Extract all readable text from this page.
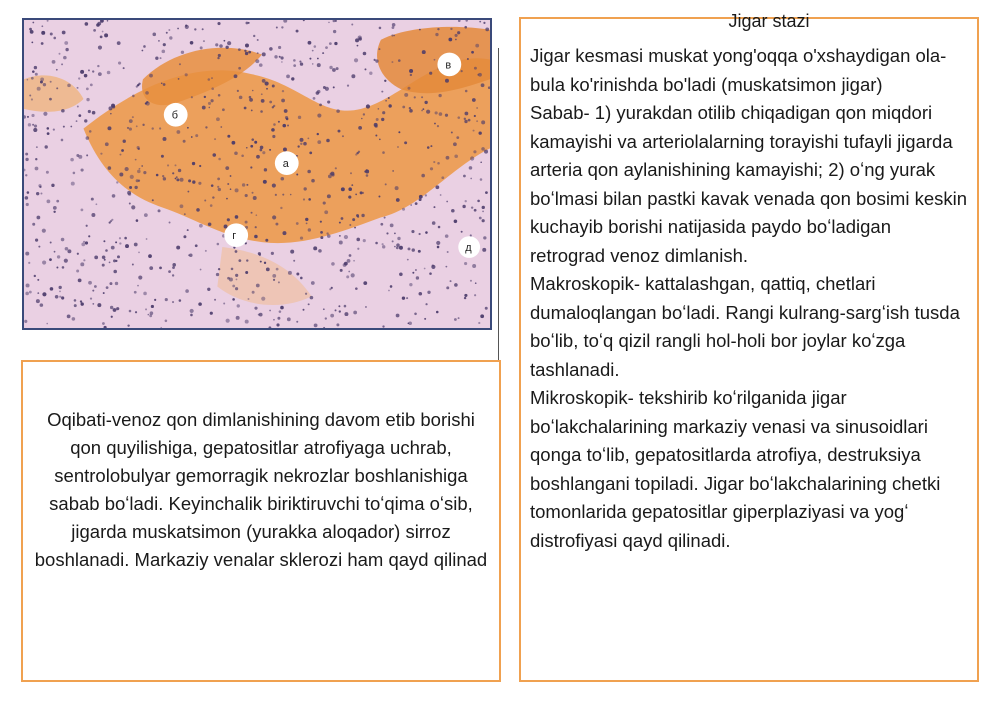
б
в
а
г
д
Oqibati-venoz qon dimlanishining davom etib borishi qon quyilishiga, gepatositlar atrofiyaga uchrab, sentrolobulyar gemorragik nekrozlar boshlanishiga sabab boʻladi. Keyinchalik biriktiruvchi toʻqima oʻsib, jigarda muskatsimon (yurakka aloqador) sirroz boshlanadi. Markaziy venalar sklerozi ham qayd qilinad
Jigar stazi

Jigar kesmasi muskat yong'oqqa o'xshaydigan ola-bula ko'rinishda bo'ladi (muskatsimon jigar)

Sabab- 1) yurakdan otilib chiqadigan qon miqdori kamayishi va arteriolalarning torayishi tufayli jigarda arteria qon aylanishining kamayishi; 2) oʻng yurak boʻlmasi bilan pastki kavak venada qon bosimi keskin kuchayib borishi natijasida paydo boʻladigan retrograd venoz dimlanish.

Makroskopik- kattalashgan, qattiq, chetlari dumaloqlangan boʻladi. Rangi kulrang-sargʻish tusda boʻlib, toʻq qizil rangli hol-holi bor joylar koʻzga tashlanadi.

Mikroskopik- tekshirib koʻrilganida jigar boʻlakchalarining markaziy venasi va sinusoidlari qonga toʻlib, gepatositlarda atrofiya, destruksiya boshlangani topiladi. Jigar boʻlakchalarining chetki tomonlarida gepatositlar giperplaziyasi va yogʻ distrofiyasi qayd qilinadi.
